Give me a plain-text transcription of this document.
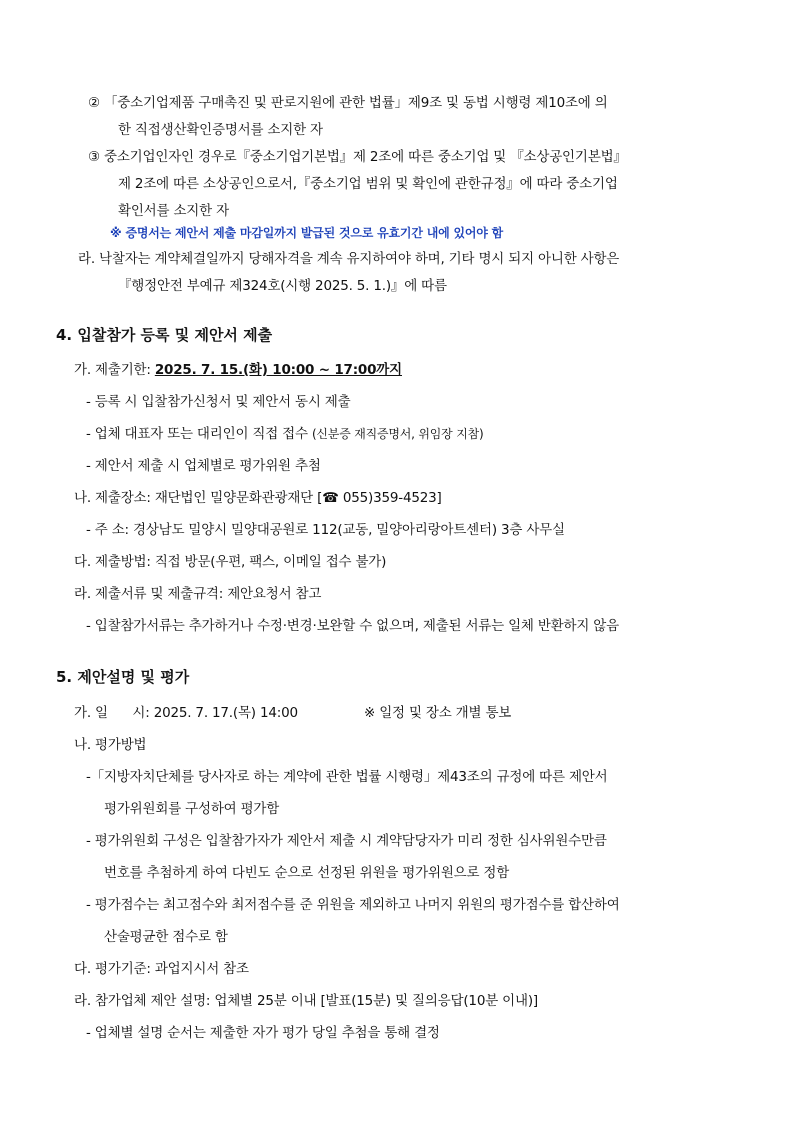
② 「중소기업제품 구매촉진 및 판로지원에 관한 법률」제9조 및 동법 시행령 제10조에 의
한 직접생산확인증명서를 소지한 자
③ 중소기업인자인 경우로『중소기업기본법』제 2조에 따른 중소기업 및 『소상공인기본법』
제 2조에 따른 소상공인으로서,『중소기업 범위 및 확인에 관한규정』에 따라 중소기업
확인서를 소지한 자
※ 증명서는 제안서 제출 마감일까지 발급된 것으로 유효기간 내에 있어야 함
라. 낙찰자는 계약체결일까지 당해자격을 계속 유지하여야 하며, 기타 명시 되지 아니한 사항은
『행정안전 부예규 제324호(시행 2025. 5. 1.)』에 따름
4. 입찰참가 등록 및 제안서 제출
가. 제출기한: 2025. 7. 15.(화) 10:00 ~ 17:00까지
- 등록 시 입찰참가신청서 및 제안서 동시 제출
- 업체 대표자 또는 대리인이 직접 접수 (신분증 재직증명서, 위임장 지참)
- 제안서 제출 시 업체별로 평가위원 추첨
나. 제출장소: 재단법인 밀양문화관광재단 [☎ 055)359-4523]
- 주 소: 경상남도 밀양시 밀양대공원로 112(교동, 밀양아리랑아트센터) 3층 사무실
다. 제출방법: 직접 방문(우편, 팩스, 이메일 접수 불가)
라. 제출서류 및 제출규격: 제안요청서 참고
- 입찰참가서류는 추가하거나 수정·변경·보완할 수 없으며, 제출된 서류는 일체 반환하지 않음
5. 제안설명 및 평가
가. 일      시: 2025. 7. 17.(목) 14:00	※ 일정 및 장소 개별 통보
나. 평가방법
-「지방자치단체를 당사자로 하는 계약에 관한 법률 시행령」제43조의 규정에 따른 제안서
평가위원회를 구성하여 평가함
- 평가위원회 구성은 입찰참가자가 제안서 제출 시 계약담당자가 미리 정한 심사위원수만큼
번호를 추첨하게 하여 다빈도 순으로 선정된 위원을 평가위원으로 정함
- 평가점수는 최고점수와 최저점수를 준 위원을 제외하고 나머지 위원의 평가점수를 합산하여
산술평균한 점수로 함
다. 평가기준: 과업지시서 참조
라. 참가업체 제안 설명: 업체별 25분 이내 [발표(15분) 및 질의응답(10분 이내)]
- 업체별 설명 순서는 제출한 자가 평가 당일 추첨을 통해 결정
